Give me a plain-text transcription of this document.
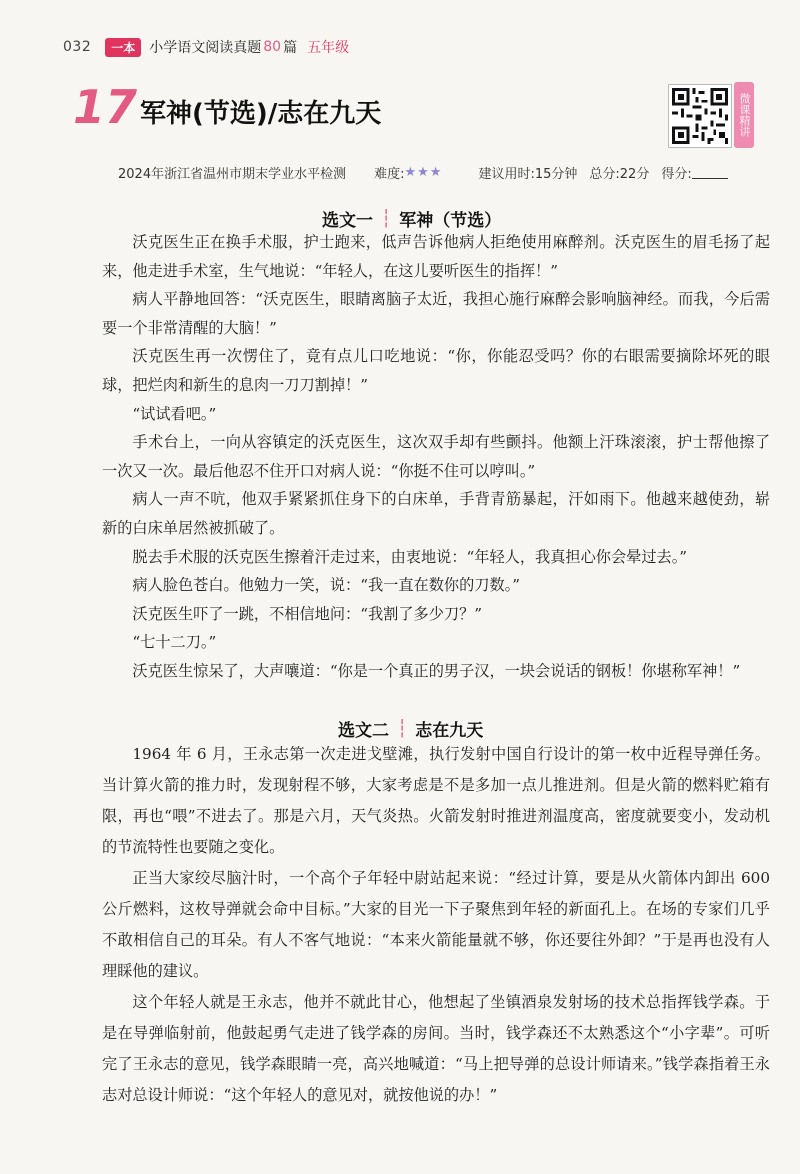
032	一本	小学语文阅读真题 80 篇 五年级
17 军神(节选)/志在九天	微课精讲
2024年浙江省温州市期末学业水平检测 难度: ★★★	建议用时:15分钟 总分:22分 得分:
选文一 ┆ 军神（节选）

沃克医生正在换手术服，护士跑来，低声告诉他病人拒绝使用麻醉剂。沃克医生的眉毛扬了起来，他走进手术室，生气地说：“年轻人，在这儿要听医生的指挥！”

病人平静地回答：“沃克医生，眼睛离脑子太近，我担心施行麻醉会影响脑神经。而我，今后需要一个非常清醒的大脑！”

沃克医生再一次愣住了，竟有点儿口吃地说：“你，你能忍受吗？你的右眼需要摘除坏死的眼球，把烂肉和新生的息肉一刀刀割掉！”

“试试看吧。”

手术台上，一向从容镇定的沃克医生，这次双手却有些颤抖。他额上汗珠滚滚，护士帮他擦了一次又一次。最后他忍不住开口对病人说：“你挺不住可以哼叫。”

病人一声不吭，他双手紧紧抓住身下的白床单，手背青筋暴起，汗如雨下。他越来越使劲，崭新的白床单居然被抓破了。

脱去手术服的沃克医生擦着汗走过来，由衷地说：“年轻人，我真担心你会晕过去。”

病人脸色苍白。他勉力一笑，说：“我一直在数你的刀数。”

沃克医生吓了一跳，不相信地问：“我割了多少刀？”

“七十二刀。”

沃克医生惊呆了，大声嚷道：“你是一个真正的男子汉，一块会说话的钢板！你堪称军神！”

选文二 ┆ 志在九天

1964 年 6 月，王永志第一次走进戈壁滩，执行发射中国自行设计的第一枚中近程导弹任务。当计算火箭的推力时，发现射程不够，大家考虑是不是多加一点儿推进剂。但是火箭的燃料贮箱有限，再也“喂”不进去了。那是六月，天气炎热。火箭发射时推进剂温度高，密度就要变小，发动机的节流特性也要随之变化。

正当大家绞尽脑汁时，一个高个子年轻中尉站起来说：“经过计算，要是从火箭体内卸出 600 公斤燃料，这枚导弹就会命中目标。”大家的目光一下子聚焦到年轻的新面孔上。在场的专家们几乎不敢相信自己的耳朵。有人不客气地说：“本来火箭能量就不够，你还要往外卸？”于是再也没有人理睬他的建议。

这个年轻人就是王永志，他并不就此甘心，他想起了坐镇酒泉发射场的技术总指挥钱学森。于是在导弹临射前，他鼓起勇气走进了钱学森的房间。当时，钱学森还不太熟悉这个“小字辈”。可听完了王永志的意见，钱学森眼睛一亮，高兴地喊道：“马上把导弹的总设计师请来。”钱学森指着王永志对总设计师说：“这个年轻人的意见对，就按他说的办！”
